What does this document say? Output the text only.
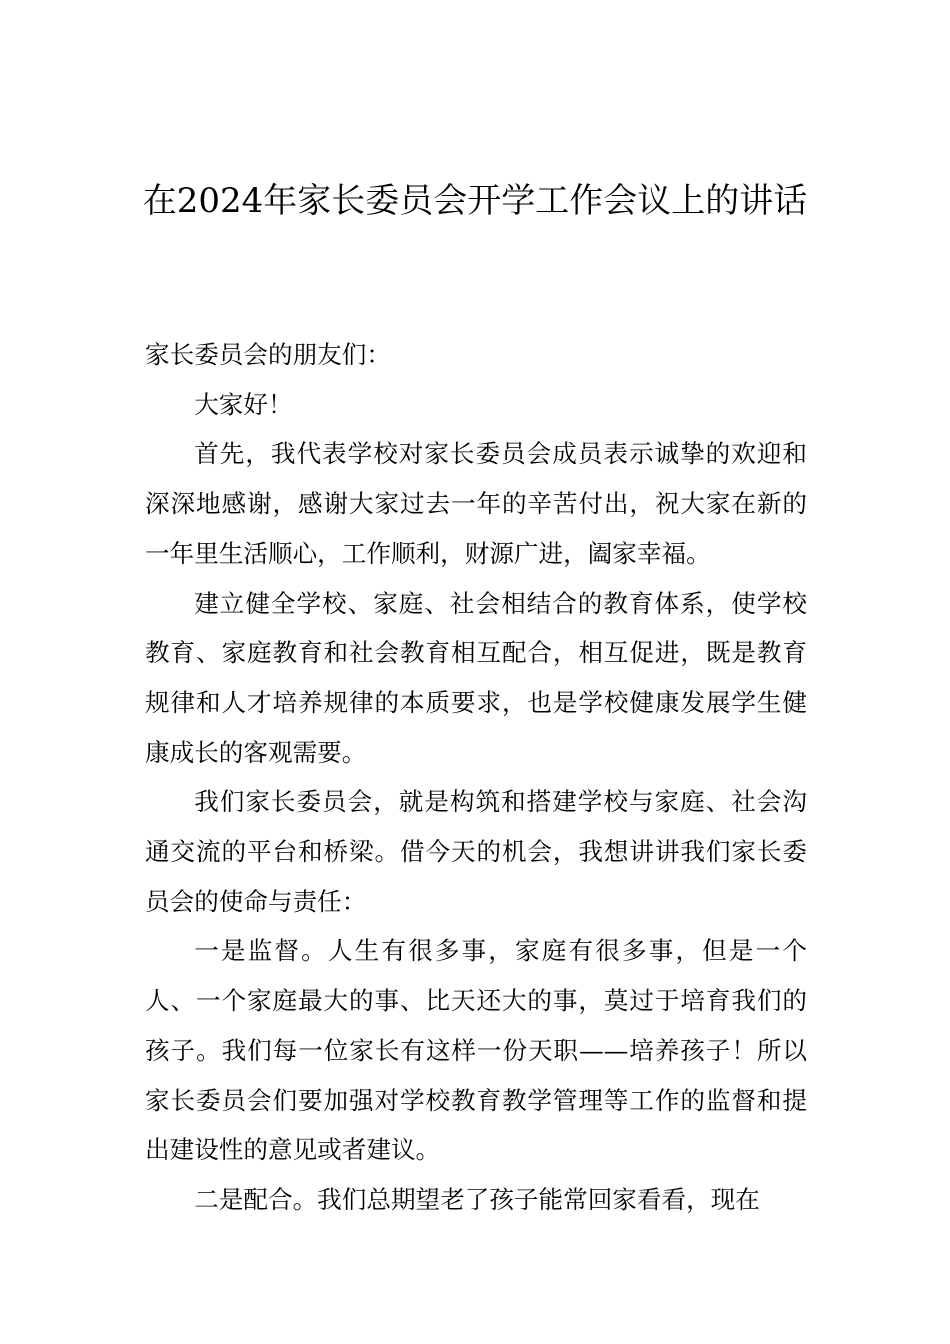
在2024年家长委员会开学工作会议上的讲话

家长委员会的朋友们：

大家好！

首先，我代表学校对家长委员会成员表示诚挚的欢迎和深深地感谢，感谢大家过去一年的辛苦付出，祝大家在新的一年里生活顺心，工作顺利，财源广进，阖家幸福。

建立健全学校、家庭、社会相结合的教育体系，使学校教育、家庭教育和社会教育相互配合，相互促进，既是教育规律和人才培养规律的本质要求，也是学校健康发展学生健康成长的客观需要。

我们家长委员会，就是构筑和搭建学校与家庭、社会沟通交流的平台和桥梁。借今天的机会，我想讲讲我们家长委员会的使命与责任：

一是监督。人生有很多事，家庭有很多事，但是一个人、一个家庭最大的事、比天还大的事，莫过于培育我们的孩子。我们每一位家长有这样一份天职——培养孩子！所以家长委员会们要加强对学校教育教学管理等工作的监督和提出建设性的意见或者建议。

二是配合。我们总期望老了孩子能常回家看看，现在
